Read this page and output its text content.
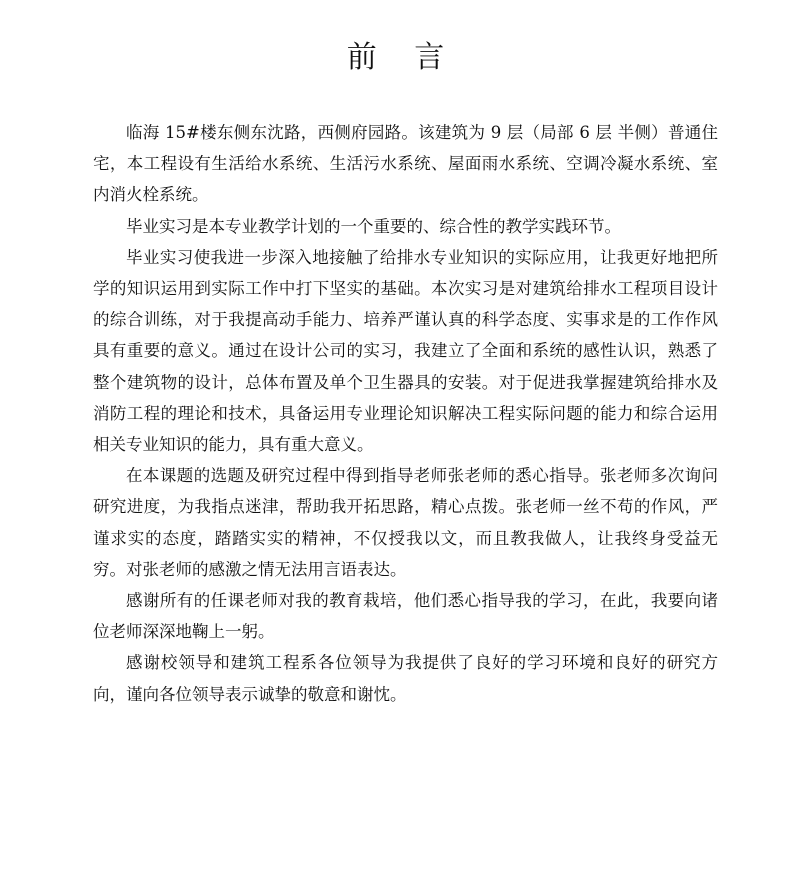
前 言

临海 15#楼东侧东沈路，西侧府园路。该建筑为 9 层（局部 6 层 半侧）普通住宅，本工程设有生活给水系统、生活污水系统、屋面雨水系统、空调冷凝水系统、室内消火栓系统。

毕业实习是本专业教学计划的一个重要的、综合性的教学实践环节。

毕业实习使我进一步深入地接触了给排水专业知识的实际应用，让我更好地把所学的知识运用到实际工作中打下坚实的基础。本次实习是对建筑给排水工程项目设计的综合训练，对于我提高动手能力、培养严谨认真的科学态度、实事求是的工作作风具有重要的意义。通过在设计公司的实习，我建立了全面和系统的感性认识，熟悉了整个建筑物的设计，总体布置及单个卫生器具的安装。对于促进我掌握建筑给排水及消防工程的理论和技术，具备运用专业理论知识解决工程实际问题的能力和综合运用相关专业知识的能力，具有重大意义。

在本课题的选题及研究过程中得到指导老师张老师的悉心指导。张老师多次询问研究进度，为我指点迷津，帮助我开拓思路，精心点拨。张老师一丝不苟的作风，严谨求实的态度，踏踏实实的精神，不仅授我以文，而且教我做人，让我终身受益无穷。对张老师的感激之情无法用言语表达。

感谢所有的任课老师对我的教育栽培，他们悉心指导我的学习，在此，我要向诸位老师深深地鞠上一躬。

感谢校领导和建筑工程系各位领导为我提供了良好的学习环境和良好的研究方向，谨向各位领导表示诚挚的敬意和谢忱。
